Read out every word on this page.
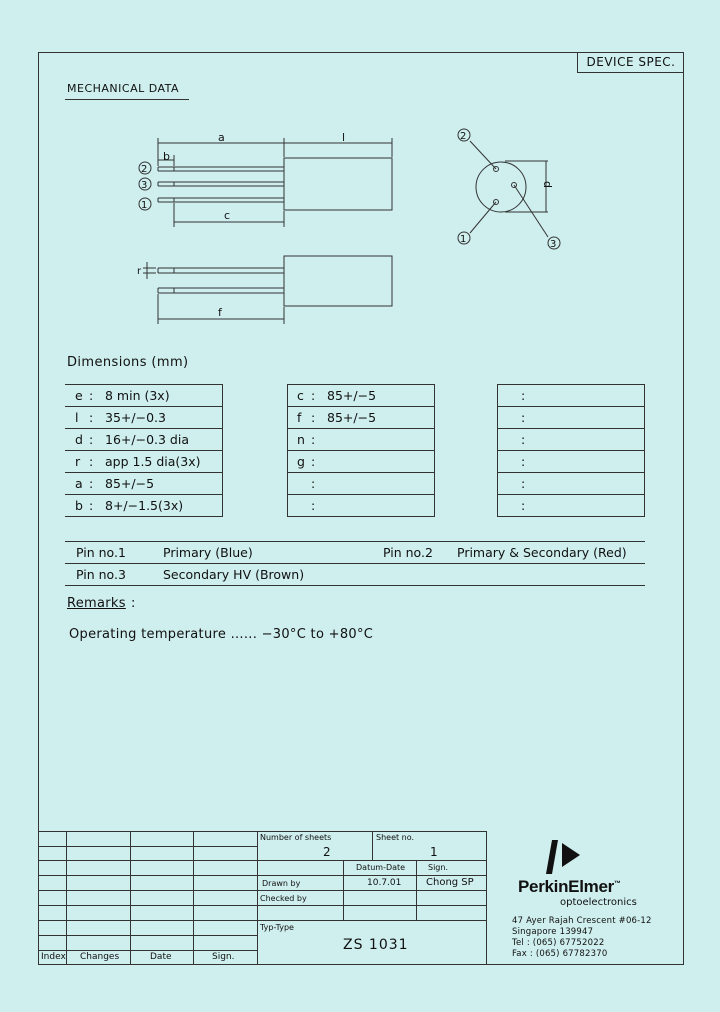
DEVICE SPEC.
MECHANICAL DATA
a	l
b
c
2
3
1
r
f
2
1	3
d
Dimensions (mm)
e	:	8 min (3x)
l	:	35+/−0.3
d	:	16+/−0.3 dia
r	:	app 1.5 dia(3x)
a	:	85+/−5
b	:	8+/−1.5(3x)
c	:	85+/−5
f	:	85+/−5
n	:	
g	:	
	:	
	:	
	:	
	:	
	:	
	:	
	:	
	:	
Pin no.1	Primary (Blue)	Pin no.2 Primary & Secondary (Red)
Pin no.3	Secondary HV (Brown)
Remarks :
Operating temperature ...... −30°C to +80°C
Index Changes	Date	Sign.
Number of sheets
2
Sheet no.
1
Datum-Date	Sign.
Drawn by	10.7.01 Chong SP
Checked by
Typ-Type
ZS 1031
PerkinElmer™
optoelectronics
47 Ayer Rajah Crescent #06-12
Singapore 139947
Tel : (065) 67752022
Fax : (065) 67782370
